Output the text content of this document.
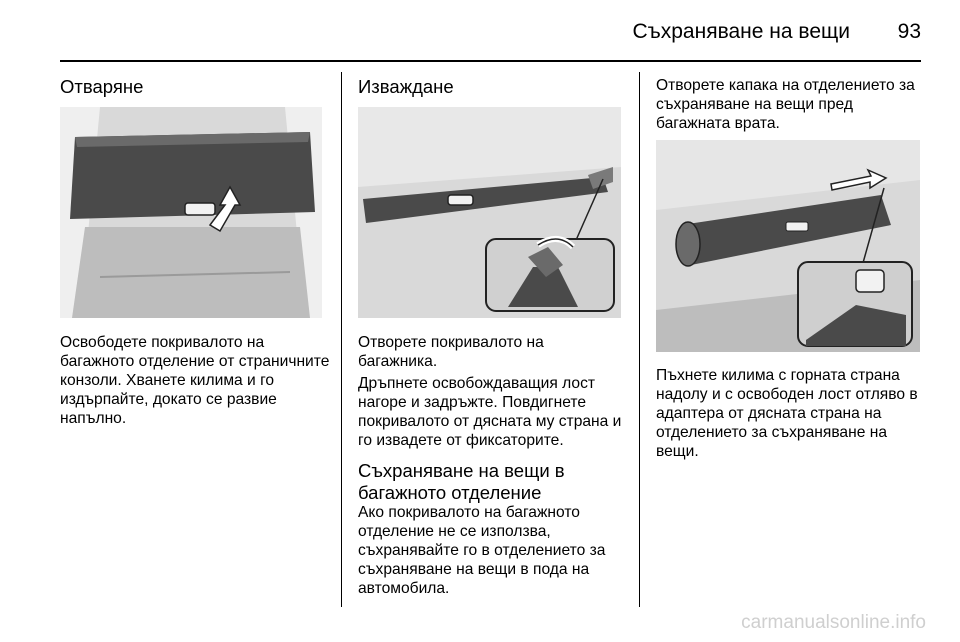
Съхраняване на вещи	93
Отваряне

Освободете покривалото на багажното отделение от страничните конзоли. Хванете килима и го издърпайте, докато се развие напълно.

Изваждане

Отворете покривалото на багажника.

Дръпнете освобождаващия лост нагоре и задръжте. Повдигнете покривалото от дясната му страна и го извадете от фиксаторите.

Съхраняване на вещи в багажното отделение

Ако покривалото на багажното отделение не се използва, съхранявайте го в отделението за съхраняване на вещи в пода на автомобила.

Отворете капака на отделението за съхраняване на вещи пред багажната врата.

Пъхнете килима с горната страна надолу и с освободен лост отляво в адаптера от дясната страна на отделението за съхраняване на вещи.

carmanualsonline.info
